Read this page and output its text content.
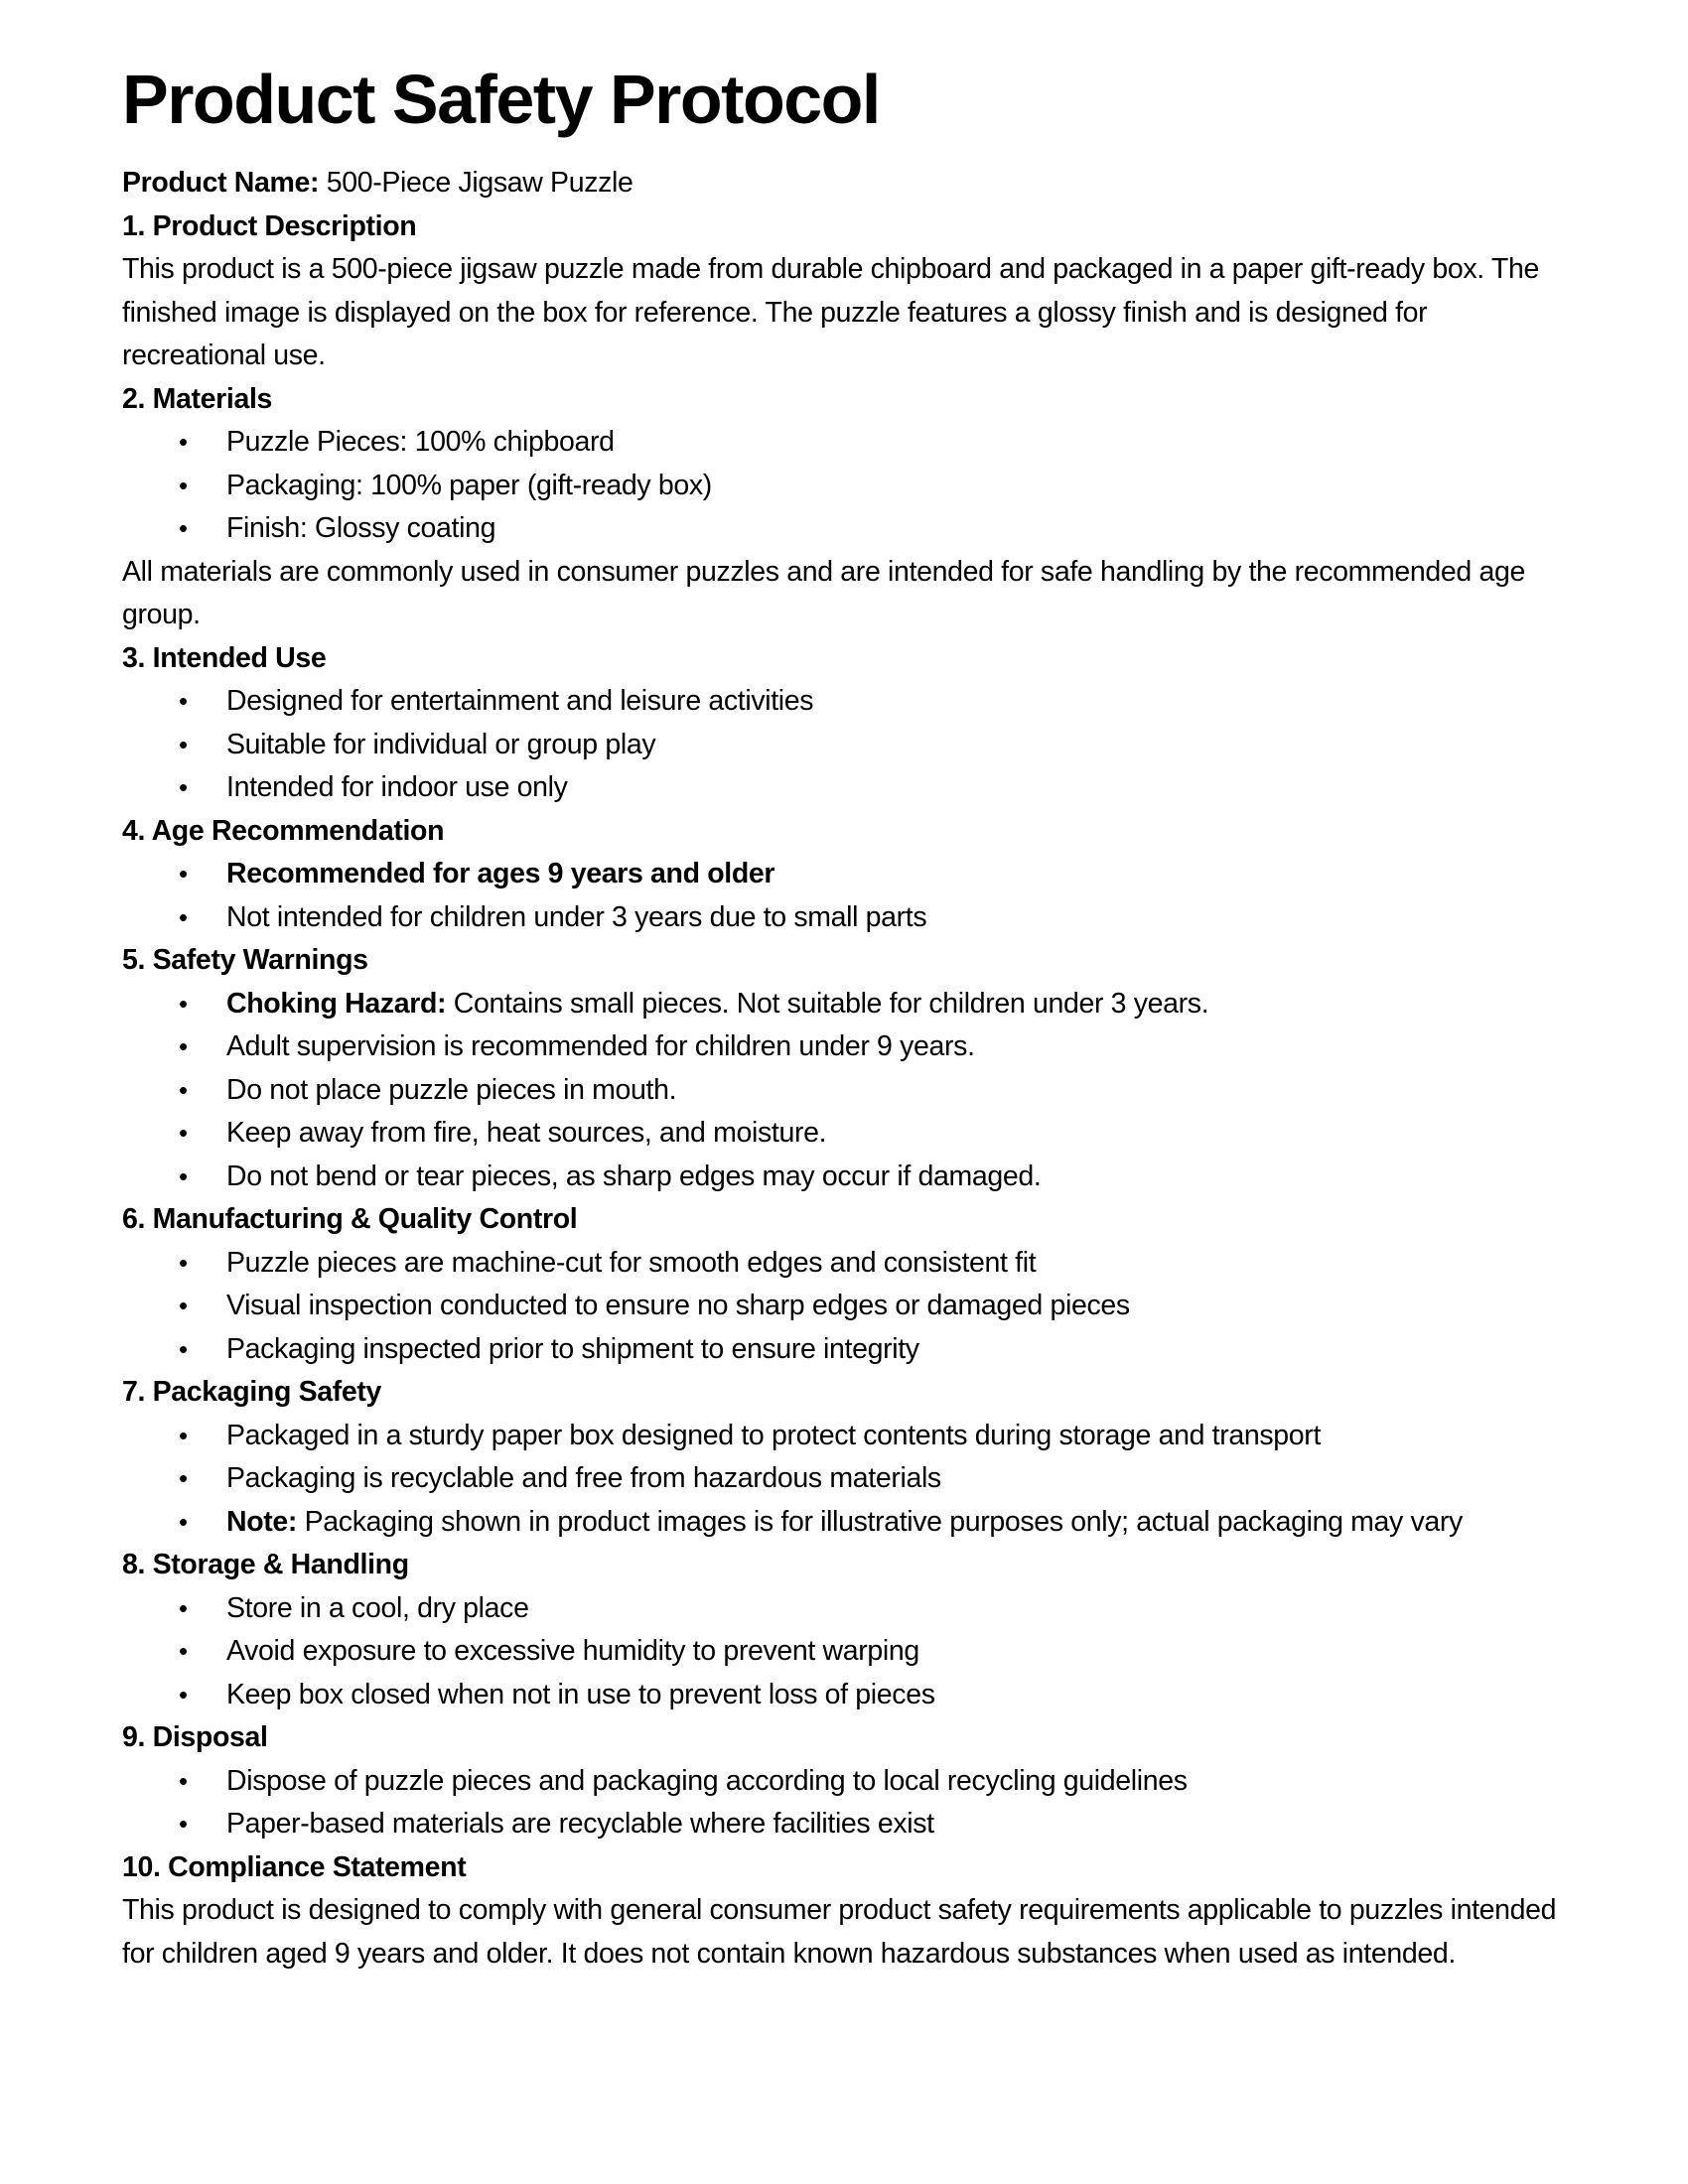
Product Safety Protocol

Product Name: 500-Piece Jigsaw Puzzle

1. Product Description

This product is a 500-piece jigsaw puzzle made from durable chipboard and packaged in a paper gift-ready box. The finished image is displayed on the box for reference. The puzzle features a glossy finish and is designed for recreational use.

2. Materials
• Puzzle Pieces: 100% chipboard
• Packaging: 100% paper (gift-ready box)
• Finish: Glossy coating

All materials are commonly used in consumer puzzles and are intended for safe handling by the recommended age group.

3. Intended Use
• Designed for entertainment and leisure activities
• Suitable for individual or group play
• Intended for indoor use only
4. Age Recommendation
• Recommended for ages 9 years and older
• Not intended for children under 3 years due to small parts
5. Safety Warnings
• Choking Hazard: Contains small pieces. Not suitable for children under 3 years.
• Adult supervision is recommended for children under 9 years.
• Do not place puzzle pieces in mouth.
• Keep away from fire, heat sources, and moisture.
• Do not bend or tear pieces, as sharp edges may occur if damaged.
6. Manufacturing & Quality Control
• Puzzle pieces are machine-cut for smooth edges and consistent fit
• Visual inspection conducted to ensure no sharp edges or damaged pieces
• Packaging inspected prior to shipment to ensure integrity
7. Packaging Safety
• Packaged in a sturdy paper box designed to protect contents during storage and transport
• Packaging is recyclable and free from hazardous materials
• Note: Packaging shown in product images is for illustrative purposes only; actual packaging may vary
8. Storage & Handling
• Store in a cool, dry place
• Avoid exposure to excessive humidity to prevent warping
• Keep box closed when not in use to prevent loss of pieces
9. Disposal
• Dispose of puzzle pieces and packaging according to local recycling guidelines
• Paper-based materials are recyclable where facilities exist
10. Compliance Statement

This product is designed to comply with general consumer product safety requirements applicable to puzzles intended for children aged 9 years and older. It does not contain known hazardous substances when used as intended.
